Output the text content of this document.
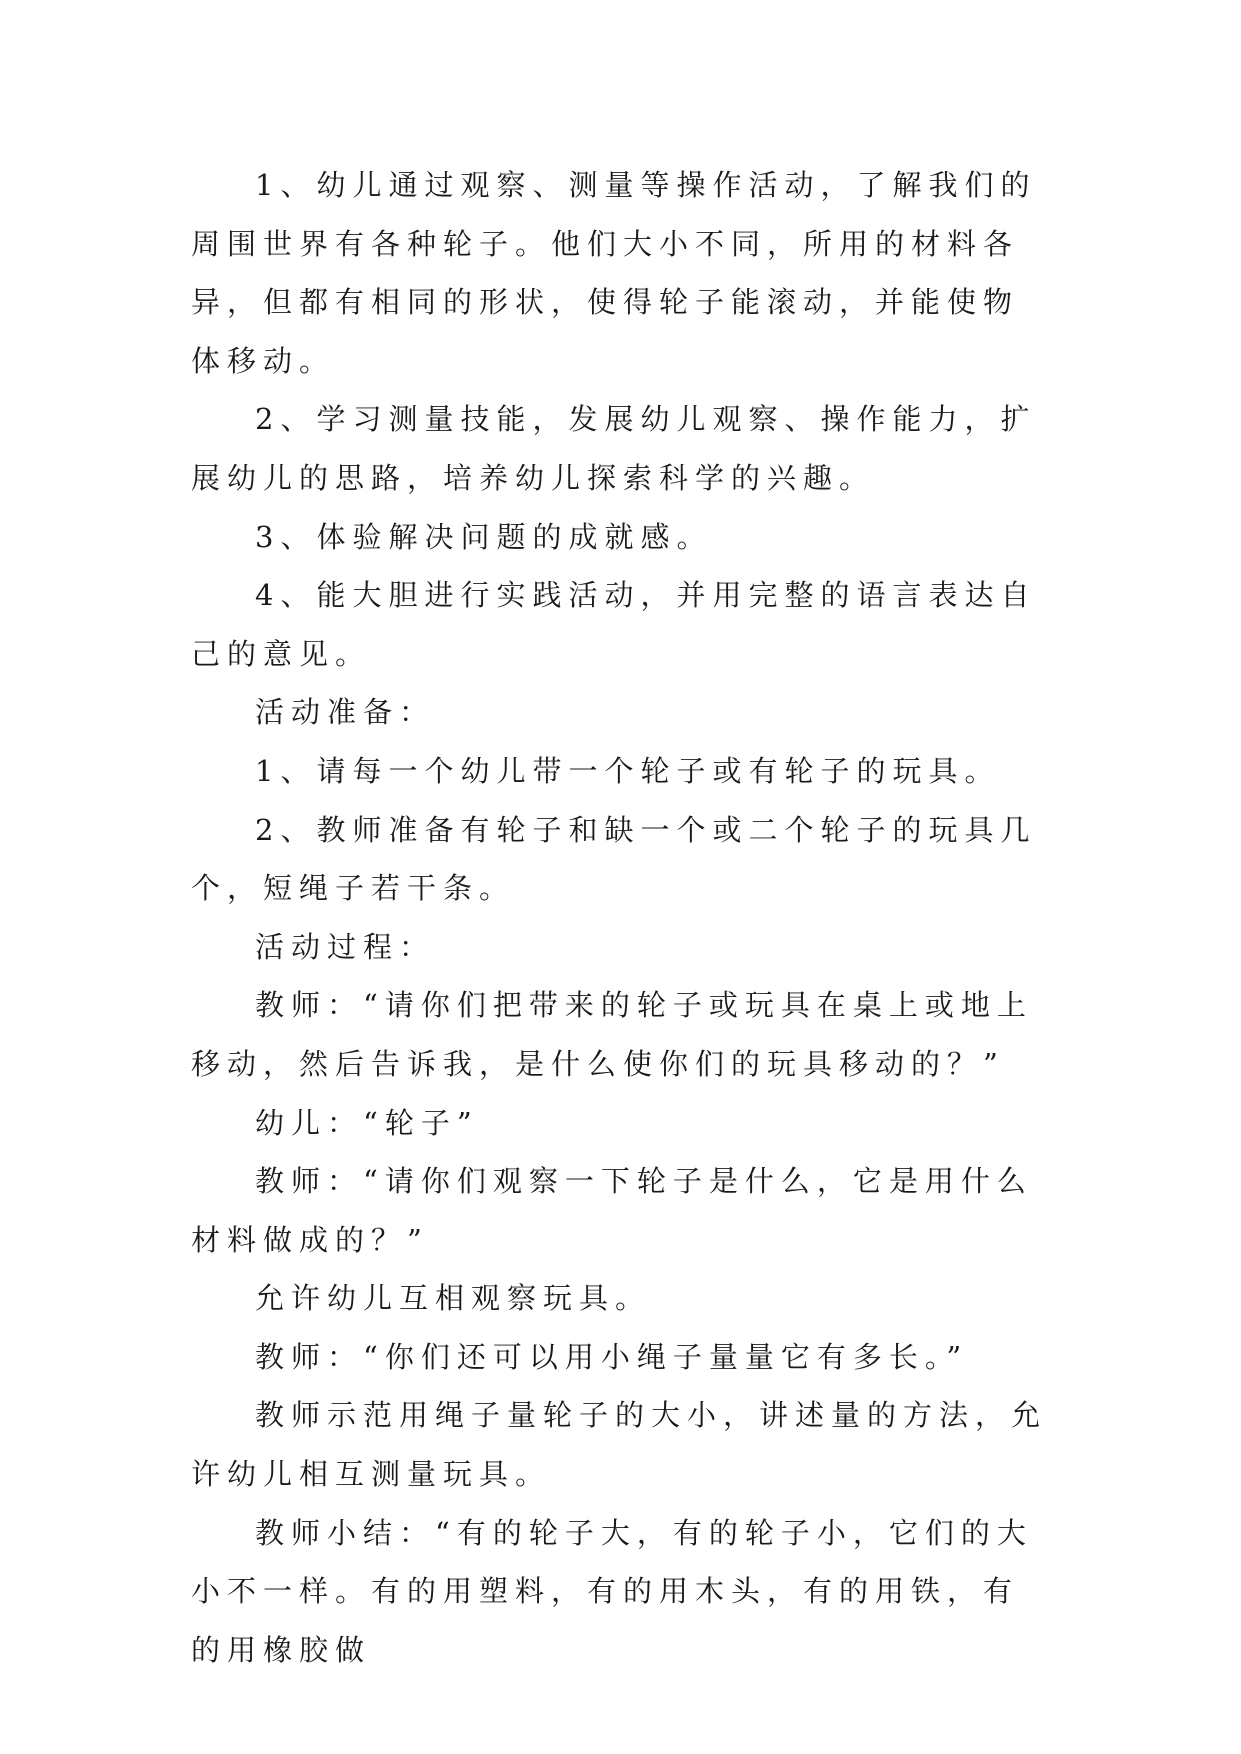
1、幼儿通过观察、测量等操作活动，了解我们的周围世界有各种轮子。他们大小不同，所用的材料各异，但都有相同的形状，使得轮子能滚动，并能使物体移动。

2、学习测量技能，发展幼儿观察、操作能力，扩展幼儿的思路，培养幼儿探索科学的兴趣。

3、体验解决问题的成就感。

4、能大胆进行实践活动，并用完整的语言表达自己的意见。

活动准备：

1、请每一个幼儿带一个轮子或有轮子的玩具。

2、教师准备有轮子和缺一个或二个轮子的玩具几个，短绳子若干条。

活动过程：

教师：“请你们把带来的轮子或玩具在桌上或地上移动，然后告诉我，是什么使你们的玩具移动的？”

幼儿：“轮子”

教师：“请你们观察一下轮子是什么，它是用什么材料做成的？”

允许幼儿互相观察玩具。

教师：“你们还可以用小绳子量量它有多长。”

教师示范用绳子量轮子的大小，讲述量的方法，允许幼儿相互测量玩具。

教师小结：“有的轮子大，有的轮子小，它们的大小不一样。有的用塑料，有的用木头，有的用铁，有的用橡胶做
